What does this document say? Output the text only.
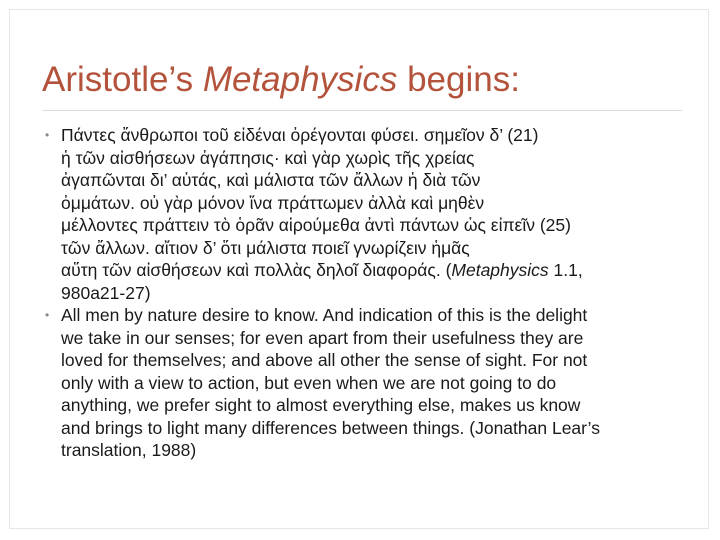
Aristotle’s Metaphysics begins:
• Πάντες ἄνθρωποι τοῦ εἰδέναι ὀρέγονται φύσει. σημεῖον δ’ (21)
ἡ τῶν αἰσθήσεων ἀγάπησις· καὶ γὰρ χωρὶς τῆς χρείας
ἀγαπῶνται δι’ αὑτάς, καὶ μάλιστα τῶν ἄλλων ἡ διὰ τῶν
ὀμμάτων. οὐ γὰρ μόνον ἵνα πράττωμεν ἀλλὰ καὶ μηθὲν
μέλλοντες πράττειν τὸ ὁρᾶν αἱρούμεθα ἀντὶ πάντων ὡς εἰπεῖν (25)
τῶν ἄλλων. αἴτιον δ’ ὅτι μάλιστα ποιεῖ γνωρίζειν ἡμᾶς
αὕτη τῶν αἰσθήσεων καὶ πολλὰς δηλοῖ διαφοράς. (Metaphysics 1.1,
980a21-27)
• All men by nature desire to know. And indication of this is the delight
we take in our senses; for even apart from their usefulness they are
loved for themselves; and above all other the sense of sight. For not
only with a view to action, but even when we are not going to do
anything, we prefer sight to almost everything else, makes us know
and brings to light many differences between things. (Jonathan Lear’s
translation, 1988)
